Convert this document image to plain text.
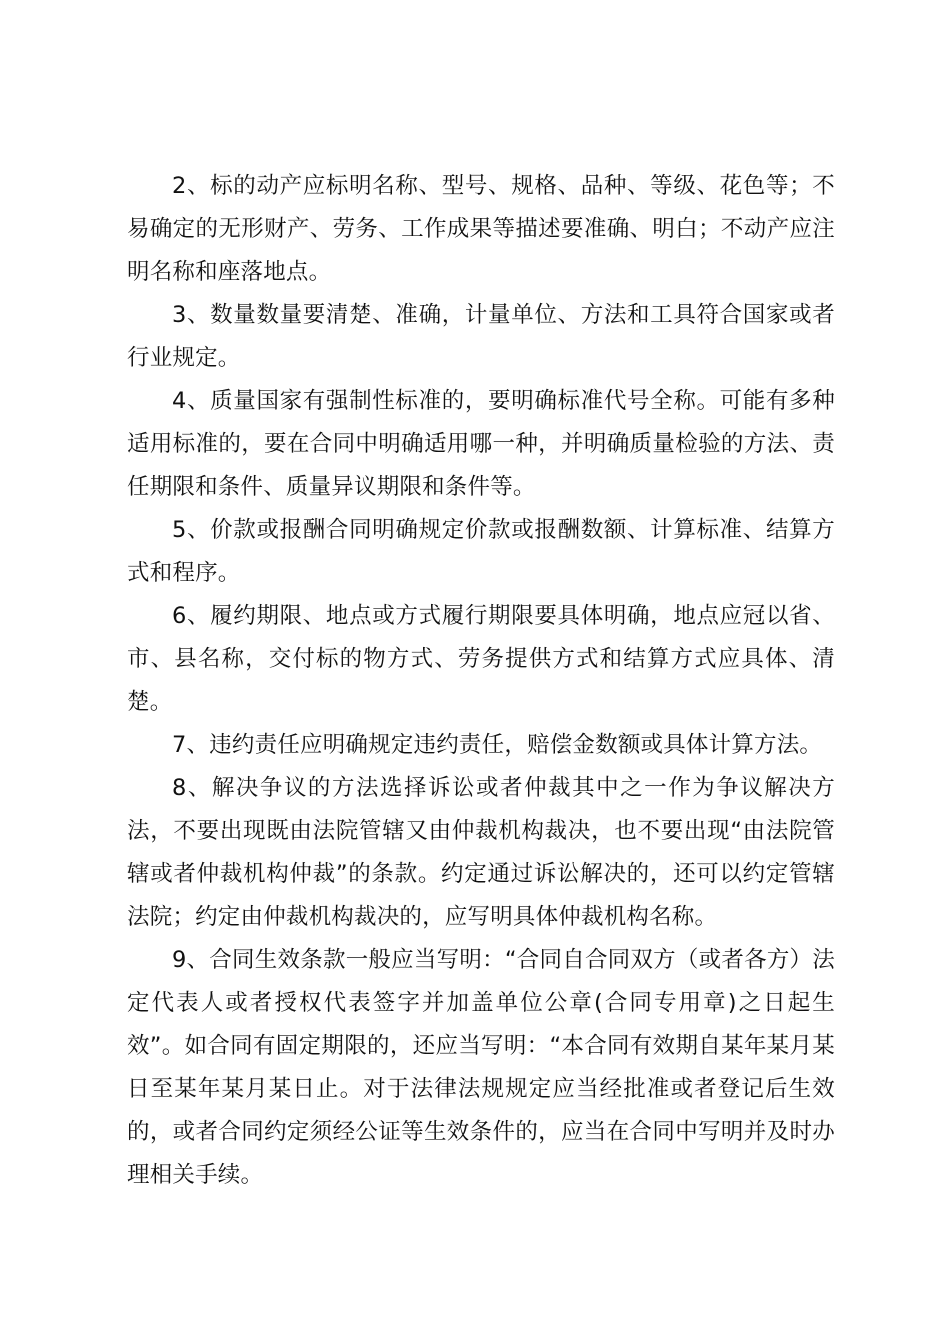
2、标的动产应标明名称、型号、规格、品种、等级、花色等；不易确定的无形财产、劳务、工作成果等描述要准确、明白；不动产应注明名称和座落地点。

3、数量数量要清楚、准确，计量单位、方法和工具符合国家或者行业规定。

4、质量国家有强制性标准的，要明确标准代号全称。可能有多种适用标准的，要在合同中明确适用哪一种，并明确质量检验的方法、责任期限和条件、质量异议期限和条件等。

5、价款或报酬合同明确规定价款或报酬数额、计算标准、结算方式和程序。

6、履约期限、地点或方式履行期限要具体明确，地点应冠以省、市、县名称，交付标的物方式、劳务提供方式和结算方式应具体、清楚。

7、违约责任应明确规定违约责任，赔偿金数额或具体计算方法。

8、解决争议的方法选择诉讼或者仲裁其中之一作为争议解决方法，不要出现既由法院管辖又由仲裁机构裁决，也不要出现“由法院管辖或者仲裁机构仲裁”的条款。约定通过诉讼解决的，还可以约定管辖法院；约定由仲裁机构裁决的，应写明具体仲裁机构名称。

9、合同生效条款一般应当写明：“合同自合同双方（或者各方）法定代表人或者授权代表签字并加盖单位公章(合同专用章)之日起生效”。如合同有固定期限的，还应当写明：“本合同有效期自某年某月某日至某年某月某日止。对于法律法规规定应当经批准或者登记后生效的，或者合同约定须经公证等生效条件的，应当在合同中写明并及时办理相关手续。
